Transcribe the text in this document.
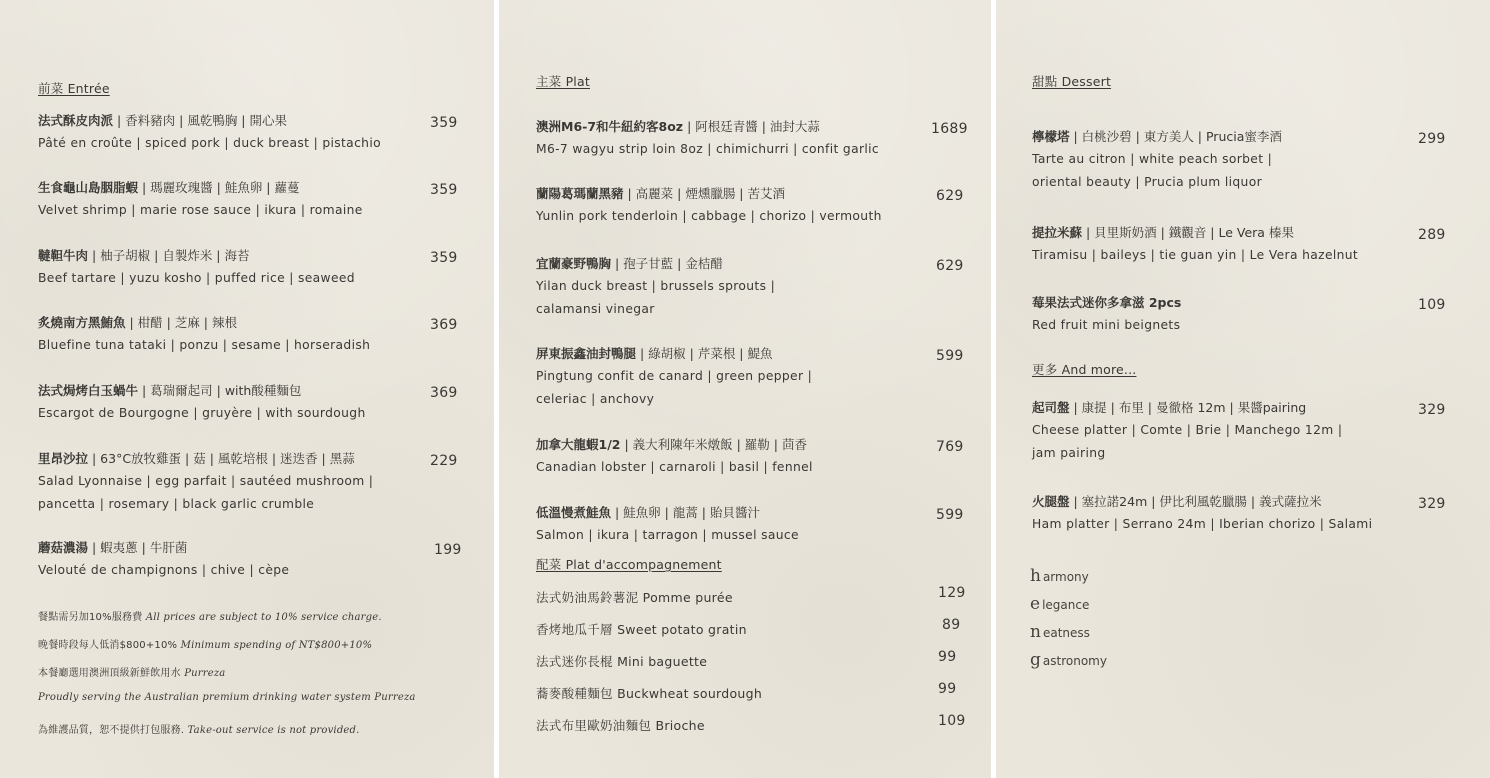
前菜 Entrée
法式酥皮肉派 | 香料豬肉 | 風乾鴨胸 | 開心果
Pâté en croûte | spiced pork | duck breast | pistachio
359
生食龜山島胭脂蝦 | 瑪麗玫瑰醬 | 鮭魚卵 | 蘿蔓
Velvet shrimp | marie rose sauce | ikura | romaine
359
韃靼牛肉 | 柚子胡椒 | 自製炸米 | 海苔
Beef tartare | yuzu kosho | puffed rice | seaweed
359
炙燒南方黑鮪魚 | 柑醋 | 芝麻 | 辣根
Bluefine tuna tataki | ponzu | sesame | horseradish
369
法式焗烤白玉蝸牛 | 葛瑞爾起司 | with酸種麵包
Escargot de Bourgogne | gruyère | with sourdough
369
里昂沙拉 | 63°C放牧雞蛋 | 菇 | 風乾培根 | 迷迭香 | 黑蒜
Salad Lyonnaise | egg parfait | sautéed mushroom |
pancetta | rosemary | black garlic crumble
229
蘑菇濃湯 | 蝦夷蔥 | 牛肝菌
Velouté de champignons | chive | cèpe
199
餐點需另加10%服務費 All prices are subject to 10% service charge.
晚餐時段每人低消$800+10% Minimum spending of NT$800+10%
本餐廳選用澳洲頂級新鮮飲用水 Purreza
Proudly serving the Australian premium drinking water system Purreza
為維護品質，恕不提供打包服務. Take-out service is not provided.
主菜 Plat
澳洲M6-7和牛紐約客8oz | 阿根廷青醬 | 油封大蒜
M6-7 wagyu strip loin 8oz | chimichurri | confit garlic
1689
蘭陽葛瑪蘭黑豬 | 高麗菜 | 煙燻臘腸 | 苦艾酒
Yunlin pork tenderloin | cabbage | chorizo | vermouth
629
宜蘭豪野鴨胸 | 孢子甘藍 | 金桔醋
Yilan duck breast | brussels sprouts |
calamansi vinegar
629
屏東振鑫油封鴨腿 | 綠胡椒 | 芹菜根 | 鯷魚
Pingtung confit de canard | green pepper |
celeriac | anchovy
599
加拿大龍蝦1/2 | 義大利陳年米燉飯 | 羅勒 | 茴香
Canadian lobster | carnaroli | basil | fennel
769
低溫慢煮鮭魚 | 鮭魚卵 | 龍蒿 | 貽貝醬汁
Salmon | ikura | tarragon | mussel sauce
599
配菜 Plat d'accompagnement
法式奶油馬鈴薯泥 Pomme purée	129
香烤地瓜千層 Sweet potato gratin	89
法式迷你長棍 Mini baguette	99
蕎麥酸種麵包 Buckwheat sourdough	99
法式布里歐奶油麵包 Brioche	109
甜點 Dessert
檸檬塔 | 白桃沙碧 | 東方美人 | Prucia蜜李酒
Tarte au citron | white peach sorbet |
oriental beauty | Prucia plum liquor
299
提拉米蘇 | 貝里斯奶酒 | 鐵觀音 | Le Vera 榛果
Tiramisu | baileys | tie guan yin | Le Vera hazelnut
289
莓果法式迷你多拿滋 2pcs
Red fruit mini beignets
109
更多 And more...
起司盤 | 康提 | 布里 | 曼徹格 12m | 果醬pairing
Cheese platter | Comte | Brie | Manchego 12m |
jam pairing
329
火腿盤 | 塞拉諾24m | 伊比利風乾臘腸 | 義式薩拉米
Ham platter | Serrano 24m | Iberian chorizo | Salami
329
h armony
e legance
n eatness
g astronomy
